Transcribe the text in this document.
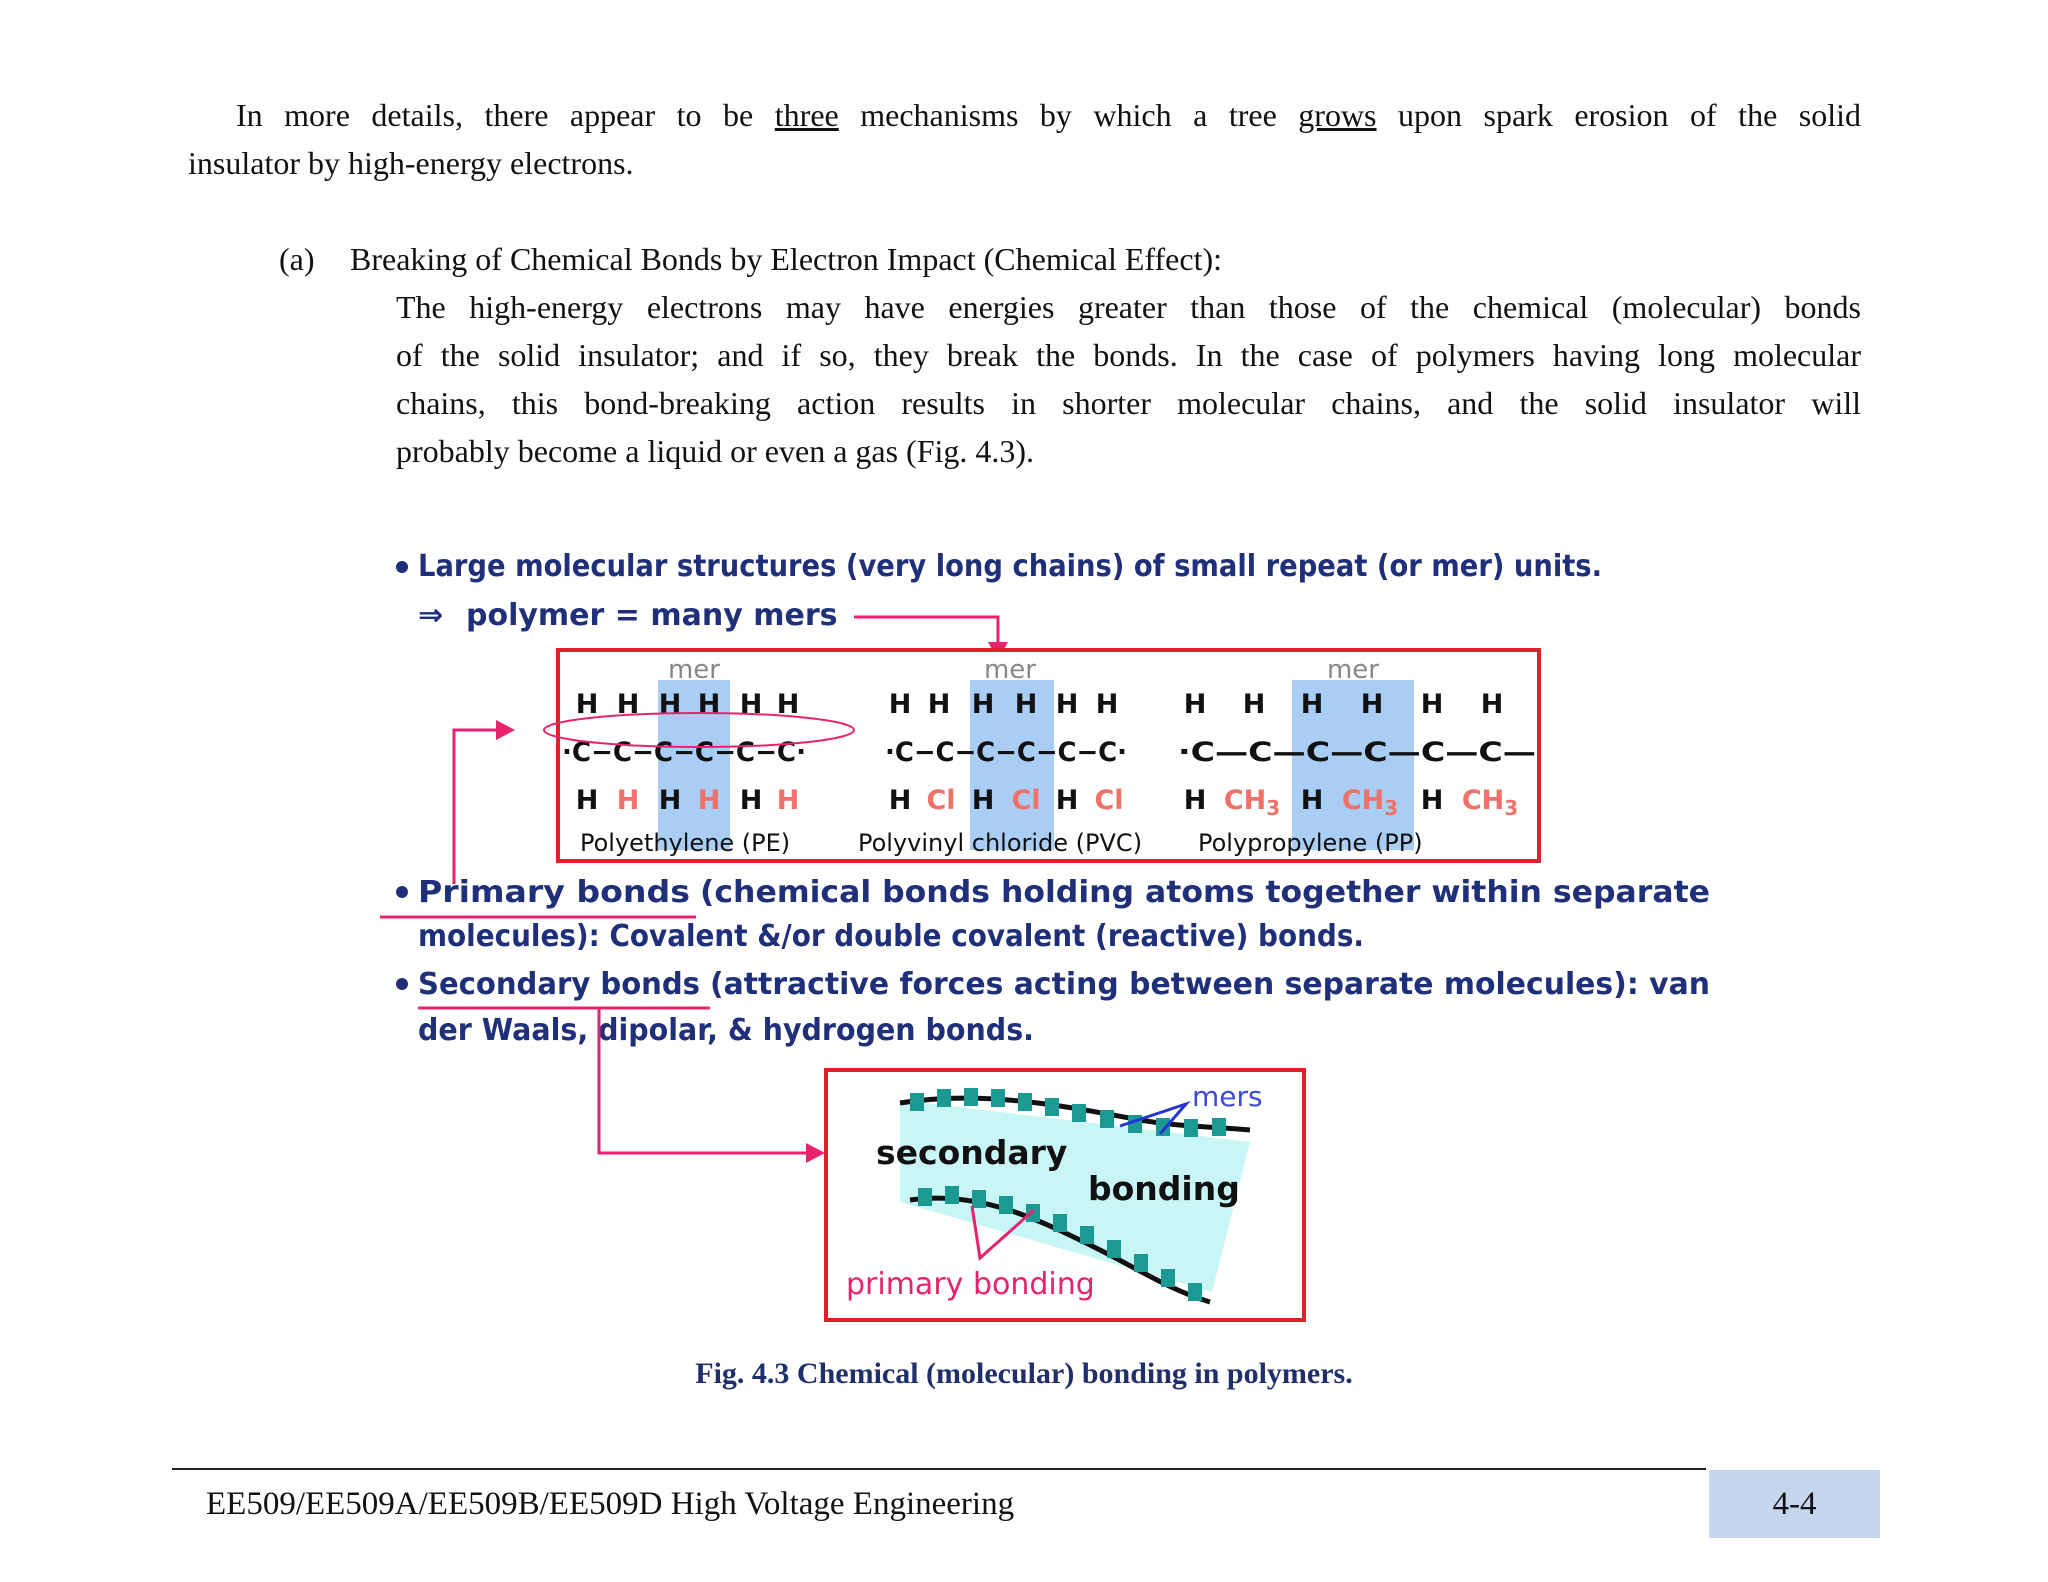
In more details, there appear to be three mechanisms by which a tree grows upon spark erosion of the solid
insulator by high-energy electrons.
(a) Breaking of Chemical Bonds by Electron Impact (Chemical Effect):
The high-energy electrons may have energies greater than those of the chemical (molecular) bonds
of the solid insulator; and if so, they break the bonds. In the case of polymers having long molecular
chains, this bond-breaking action results in shorter molecular chains, and the solid insulator will
probably become a liquid or even a gas (Fig. 4.3).
Large molecular structures (very long chains) of small repeat (or mer) units.
⇒ polymer = many mers
mer	mer	mer
H H H H H H
·C−C−C−C−C−C·
H H H H H H
H H H H H H
·C−C−C−C−C−C·
H Cl H Cl H Cl
H H H H H H
·C—C—C—C—C—C—
H $CH_3$ H $CH_3$ H $CH_3$
Polyethylene (PE)	Polyvinyl chloride (PVC) Polypropylene (PP)
Primary bonds (chemical bonds holding atoms together within separate
molecules): Covalent &/or double covalent (reactive) bonds.
Secondary bonds (attractive forces acting between separate molecules): van
der Waals, dipolar, & hydrogen bonds.
mers
secondary
bonding
primary bonding
Fig. 4.3 Chemical (molecular) bonding in polymers.
EE509/EE509A/EE509B/EE509D High Voltage Engineering	4-4
